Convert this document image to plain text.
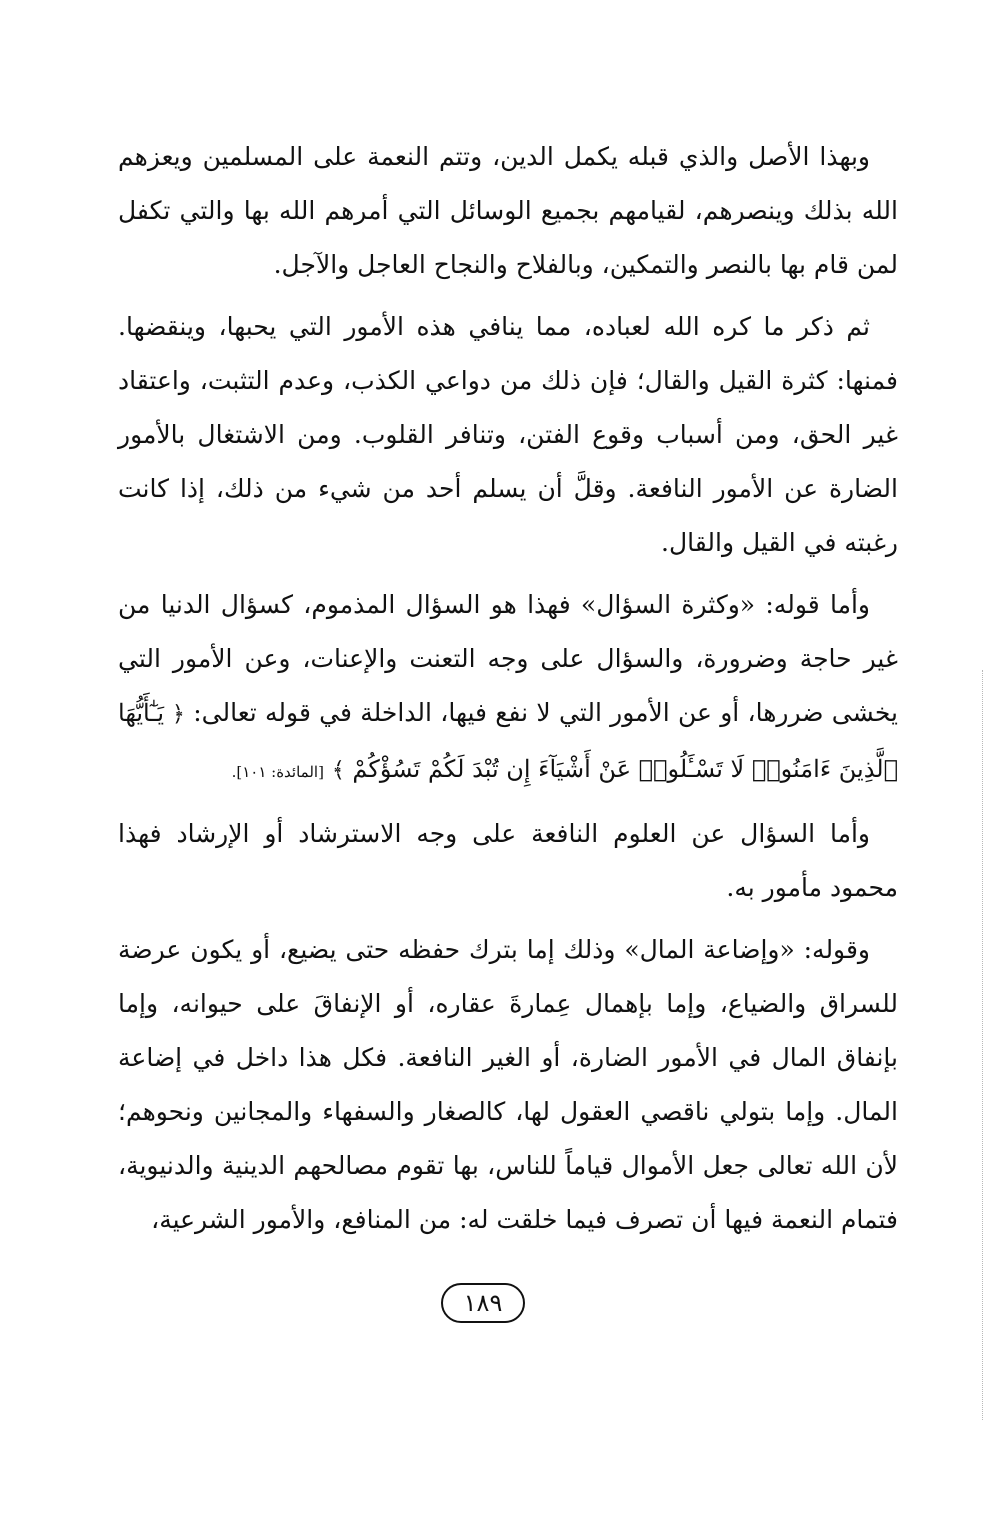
وبهذا الأصل والذي قبله يكمل الدين، وتتم النعمة على المسلمين ويعزهم الله بذلك وينصرهم، لقيامهم بجميع الوسائل التي أمرهم الله بها والتي تكفل لمن قام بها بالنصر والتمكين، وبالفلاح والنجاح العاجل والآجل.

ثم ذكر ما كره الله لعباده، مما ينافي هذه الأمور التي يحبها، وينقضها. فمنها: كثرة القيل والقال؛ فإن ذلك من دواعي الكذب، وعدم التثبت، واعتقاد غير الحق، ومن أسباب وقوع الفتن، وتنافر القلوب. ومن الاشتغال بالأمور الضارة عن الأمور النافعة. وقلَّ أن يسلم أحد من شيء من ذلك، إذا كانت رغبته في القيل والقال.

وأما قوله: «وكثرة السؤال» فهذا هو السؤال المذموم، كسؤال الدنيا من غير حاجة وضرورة، والسؤال على وجه التعنت والإعنات، وعن الأمور التي يخشى ضررها، أو عن الأمور التي لا نفع فيها، الداخلة في قوله تعالى: ﴿ يَـٰٓأَيُّهَا ٱلَّذِينَ ءَامَنُوا۟ لَا تَسْـَٔلُوا۟ عَنْ أَشْيَآءَ إِن تُبْدَ لَكُمْ تَسُؤْكُمْ ﴾ [المائدة: ١٠١].

وأما السؤال عن العلوم النافعة على وجه الاسترشاد أو الإرشاد فهذا محمود مأمور به.

وقوله: «وإضاعة المال» وذلك إما بترك حفظه حتى يضيع، أو يكون عرضة للسراق والضياع، وإما بإهمال عِمارةَ عقاره، أو الإنفاقَ على حيوانه، وإما بإنفاق المال في الأمور الضارة، أو الغير النافعة. فكل هذا داخل في إضاعة المال. وإما بتولي ناقصي العقول لها، كالصغار والسفهاء والمجانين ونحوهم؛ لأن الله تعالى جعل الأموال قياماً للناس، بها تقوم مصالحهم الدينية والدنيوية، فتمام النعمة فيها أن تصرف فيما خلقت له: من المنافع، والأمور الشرعية،

١٨٩
